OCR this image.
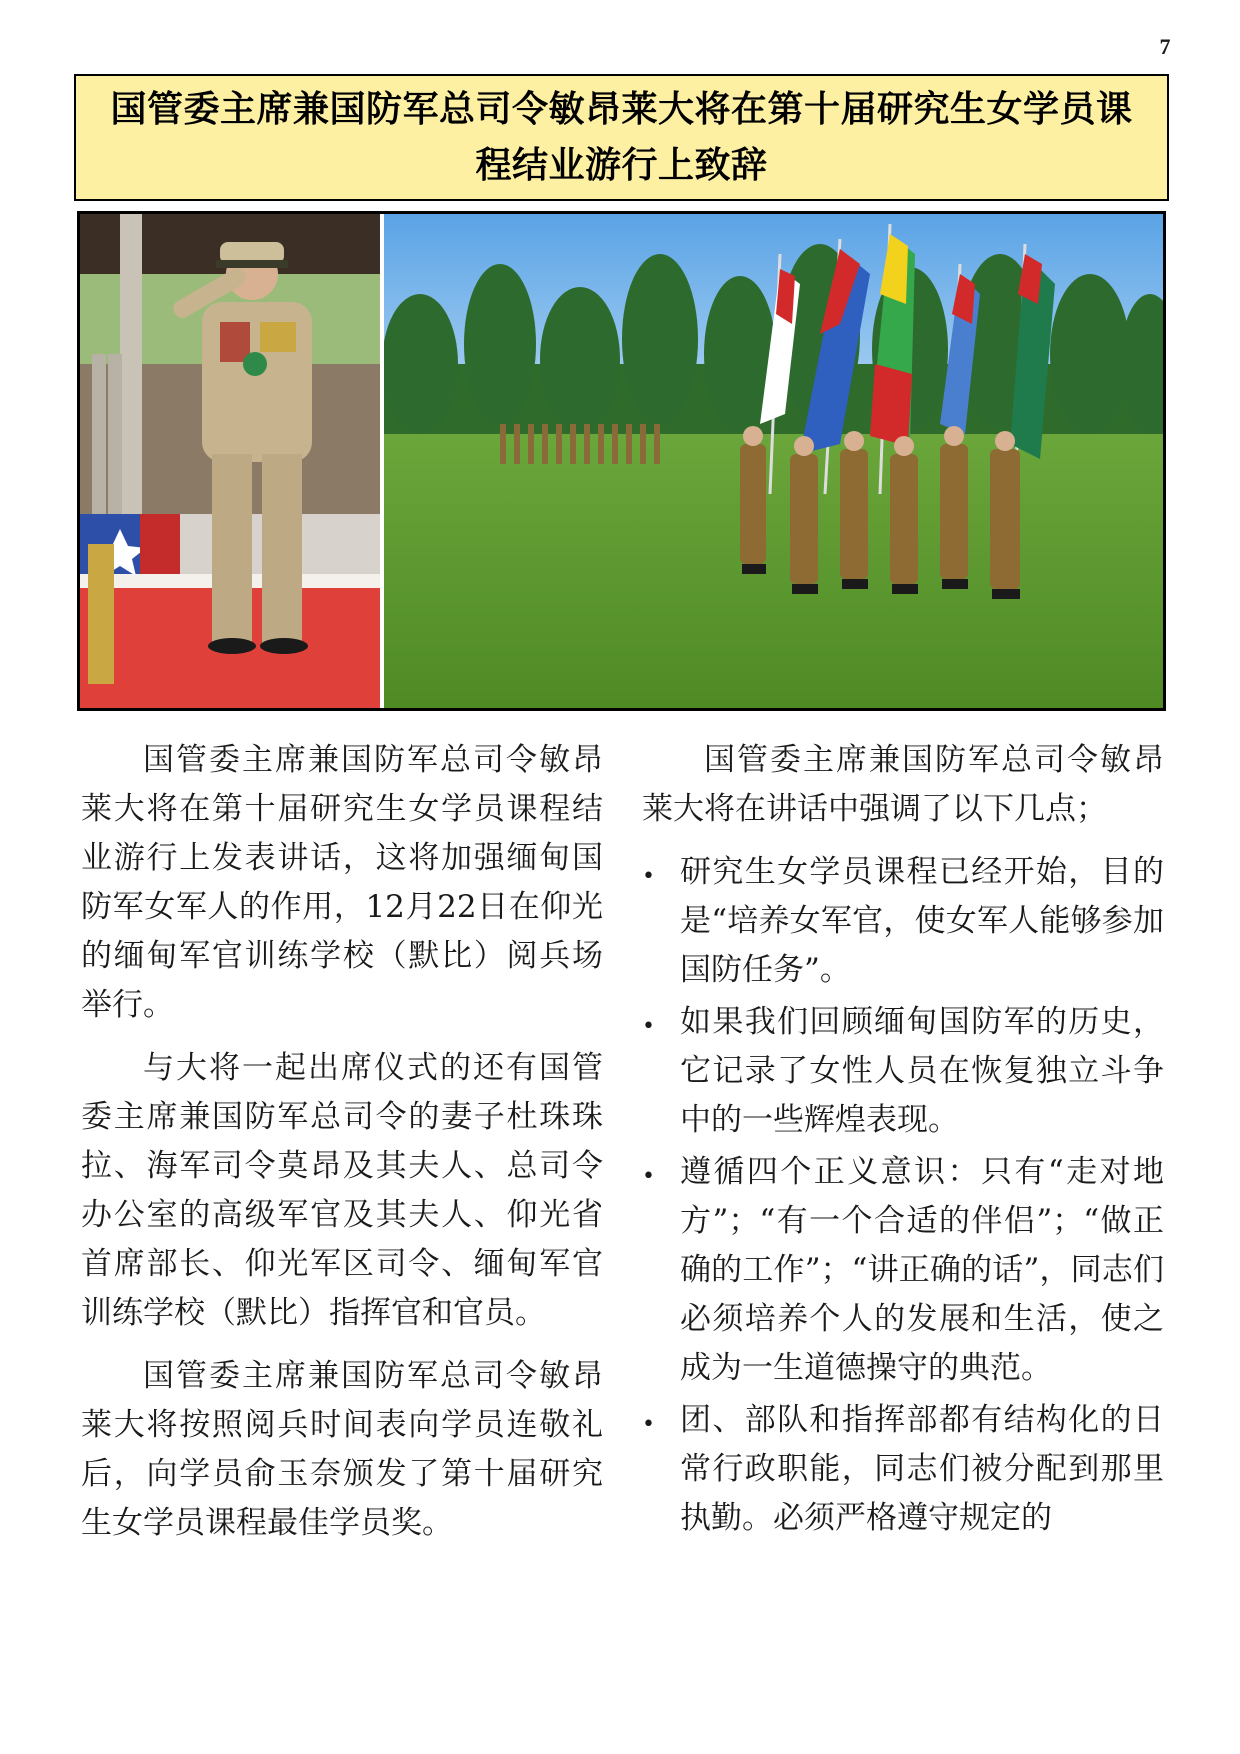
7
国管委主席兼国防军总司令敏昂莱大将在第十届研究生女学员课程结业游行上致辞

国管委主席兼国防军总司令敏昂莱大将在第十届研究生女学员课程结业游行上发表讲话，这将加强缅甸国防军女军人的作用，12月22日在仰光的缅甸军官训练学校（默比）阅兵场举行。

与大将一起出席仪式的还有国管委主席兼国防军总司令的妻子杜珠珠拉、海军司令莫昂及其夫人、总司令办公室的高级军官及其夫人、仰光省首席部长、仰光军区司令、缅甸军官训练学校（默比）指挥官和官员。

国管委主席兼国防军总司令敏昂莱大将按照阅兵时间表向学员连敬礼后，向学员俞玉奈颁发了第十届研究生女学员课程最佳学员奖。

国管委主席兼国防军总司令敏昂莱大将在讲话中强调了以下几点；

• 研究生女学员课程已经开始，目的是“培养女军官，使女军人能够参加国防任务”。
• 如果我们回顾缅甸国防军的历史，它记录了女性人员在恢复独立斗争中的一些辉煌表现。
• 遵循四个正义意识：只有“走对地方”；“有一个合适的伴侣”；“做正确的工作”；“讲正确的话”，同志们必须培养个人的发展和生活，使之成为一生道德操守的典范。
• 团、部队和指挥部都有结构化的日常行政职能，同志们被分配到那里执勤。必须严格遵守规定的
